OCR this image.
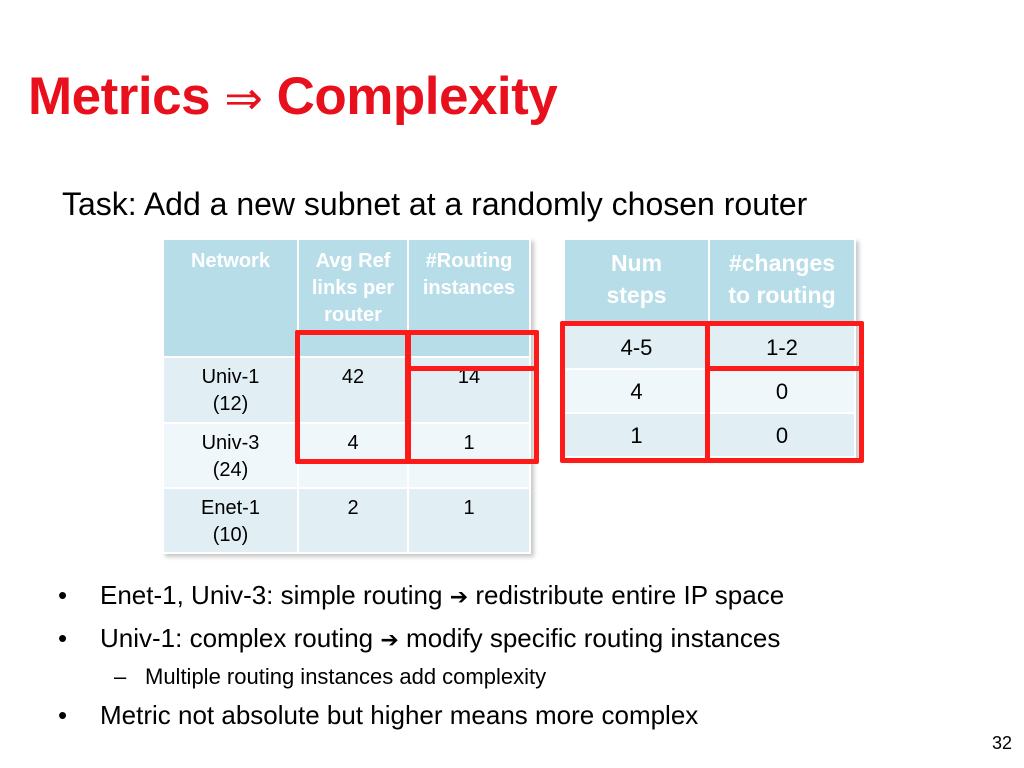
Metrics ⇒ Complexity
Task: Add a new subnet at a randomly chosen router
Network	Avg Ref links per router	#Routing instances

Univ-1 (12)	42	14

Univ-3 (24)	4	1

Enet-1 (10)	2	1
Num steps	#changes to routing

4-5	1-2
4	0
1	0
• Enet-1, Univ-3: simple routing ➔ redistribute entire IP space
• Univ-1: complex routing ➔ modify specific routing instances
– Multiple routing instances add complexity
• Metric not absolute but higher means more complex
32
